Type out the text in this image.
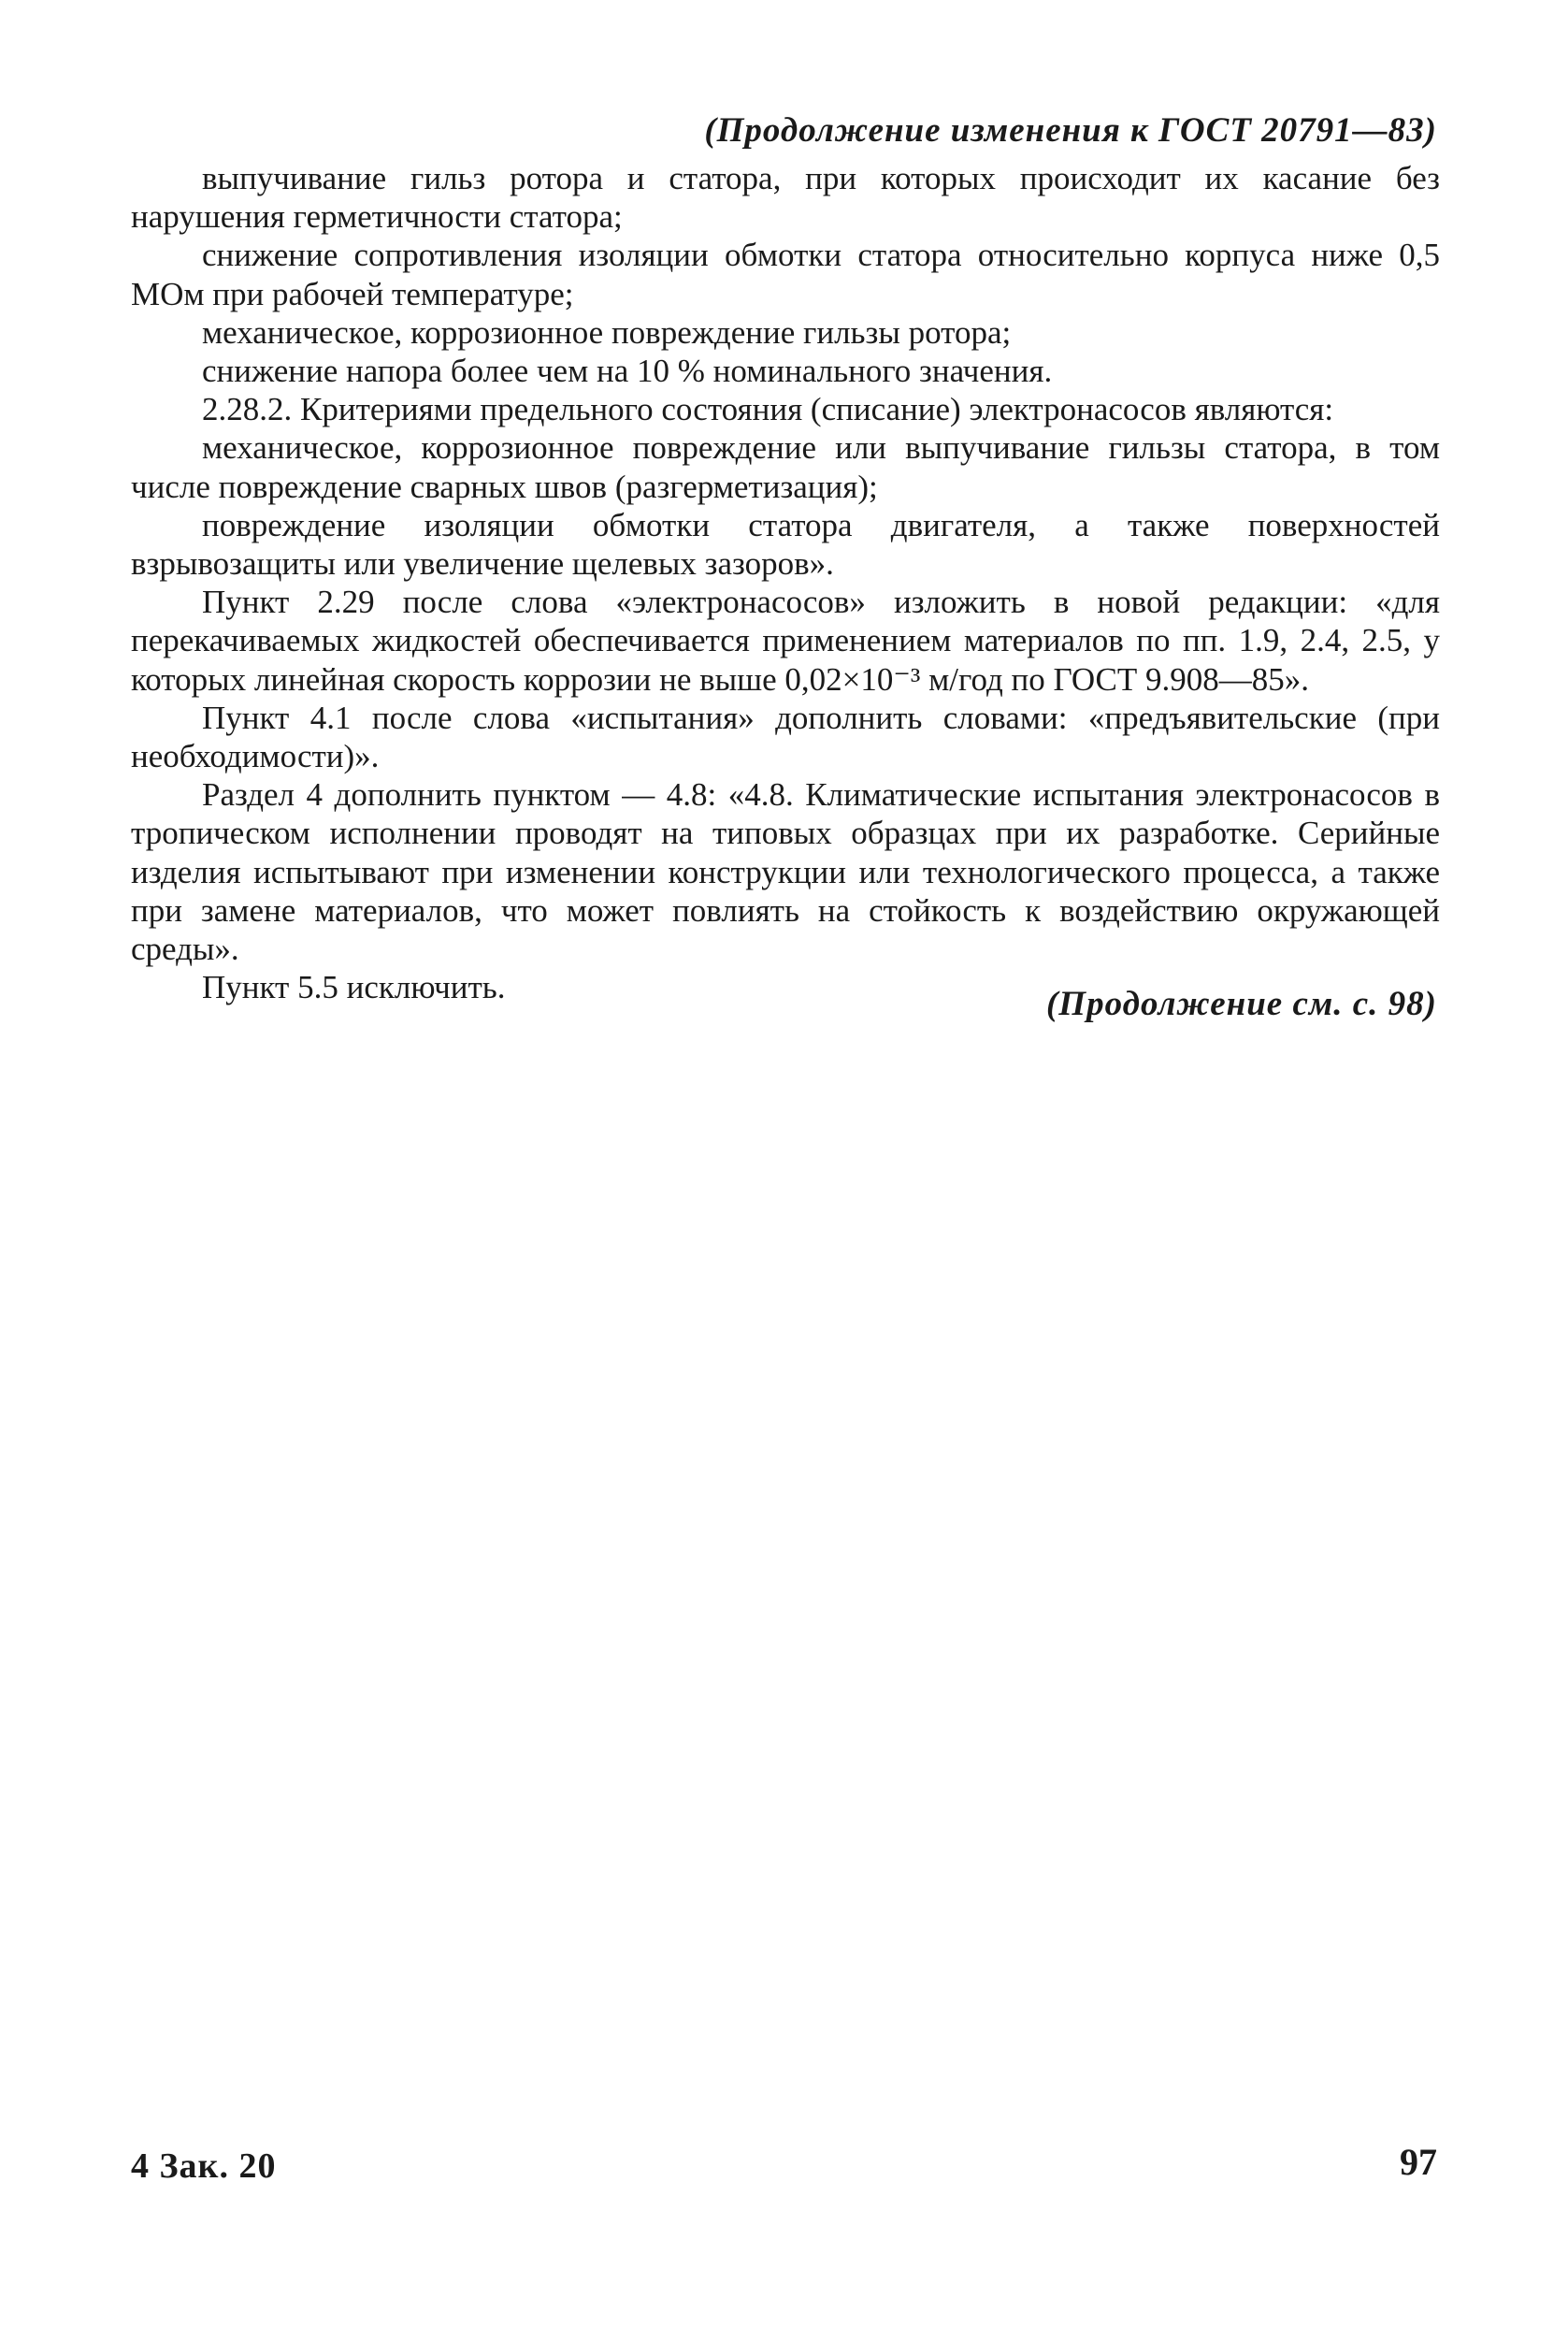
(Продолжение изменения к ГОСТ 20791—83)

выпучивание гильз ротора и статора, при которых происходит их касание без нарушения герметичности статора;

снижение сопротивления изоляции обмотки статора относительно корпуса ниже 0,5 МОм при рабочей температуре;

механическое, коррозионное повреждение гильзы ротора;

снижение напора более чем на 10 % номинального значения.

2.28.2. Критериями предельного состояния (списание) электронасосов являются:

механическое, коррозионное повреждение или выпучивание гильзы статора, в том числе повреждение сварных швов (разгерметизация);

повреждение изоляции обмотки статора двигателя, а также поверхностей взрывозащиты или увеличение щелевых зазоров».

Пункт 2.29 после слова «электронасосов» изложить в новой редакции: «для перекачиваемых жидкостей обеспечивается применением материалов по пп. 1.9, 2.4, 2.5, у которых линейная скорость коррозии не выше 0,02×10⁻³ м/год по ГОСТ 9.908—85».

Пункт 4.1 после слова «испытания» дополнить словами: «предъявительские (при необходимости)».

Раздел 4 дополнить пунктом — 4.8: «4.8. Климатические испытания электронасосов в тропическом исполнении проводят на типовых образцах при их разработке. Серийные изделия испытывают при изменении конструкции или технологического процесса, а также при замене материалов, что может повлиять на стойкость к воздействию окружающей среды».

Пункт 5.5 исключить.	(Продолжение см. с. 98)
4 Зак. 20	97
